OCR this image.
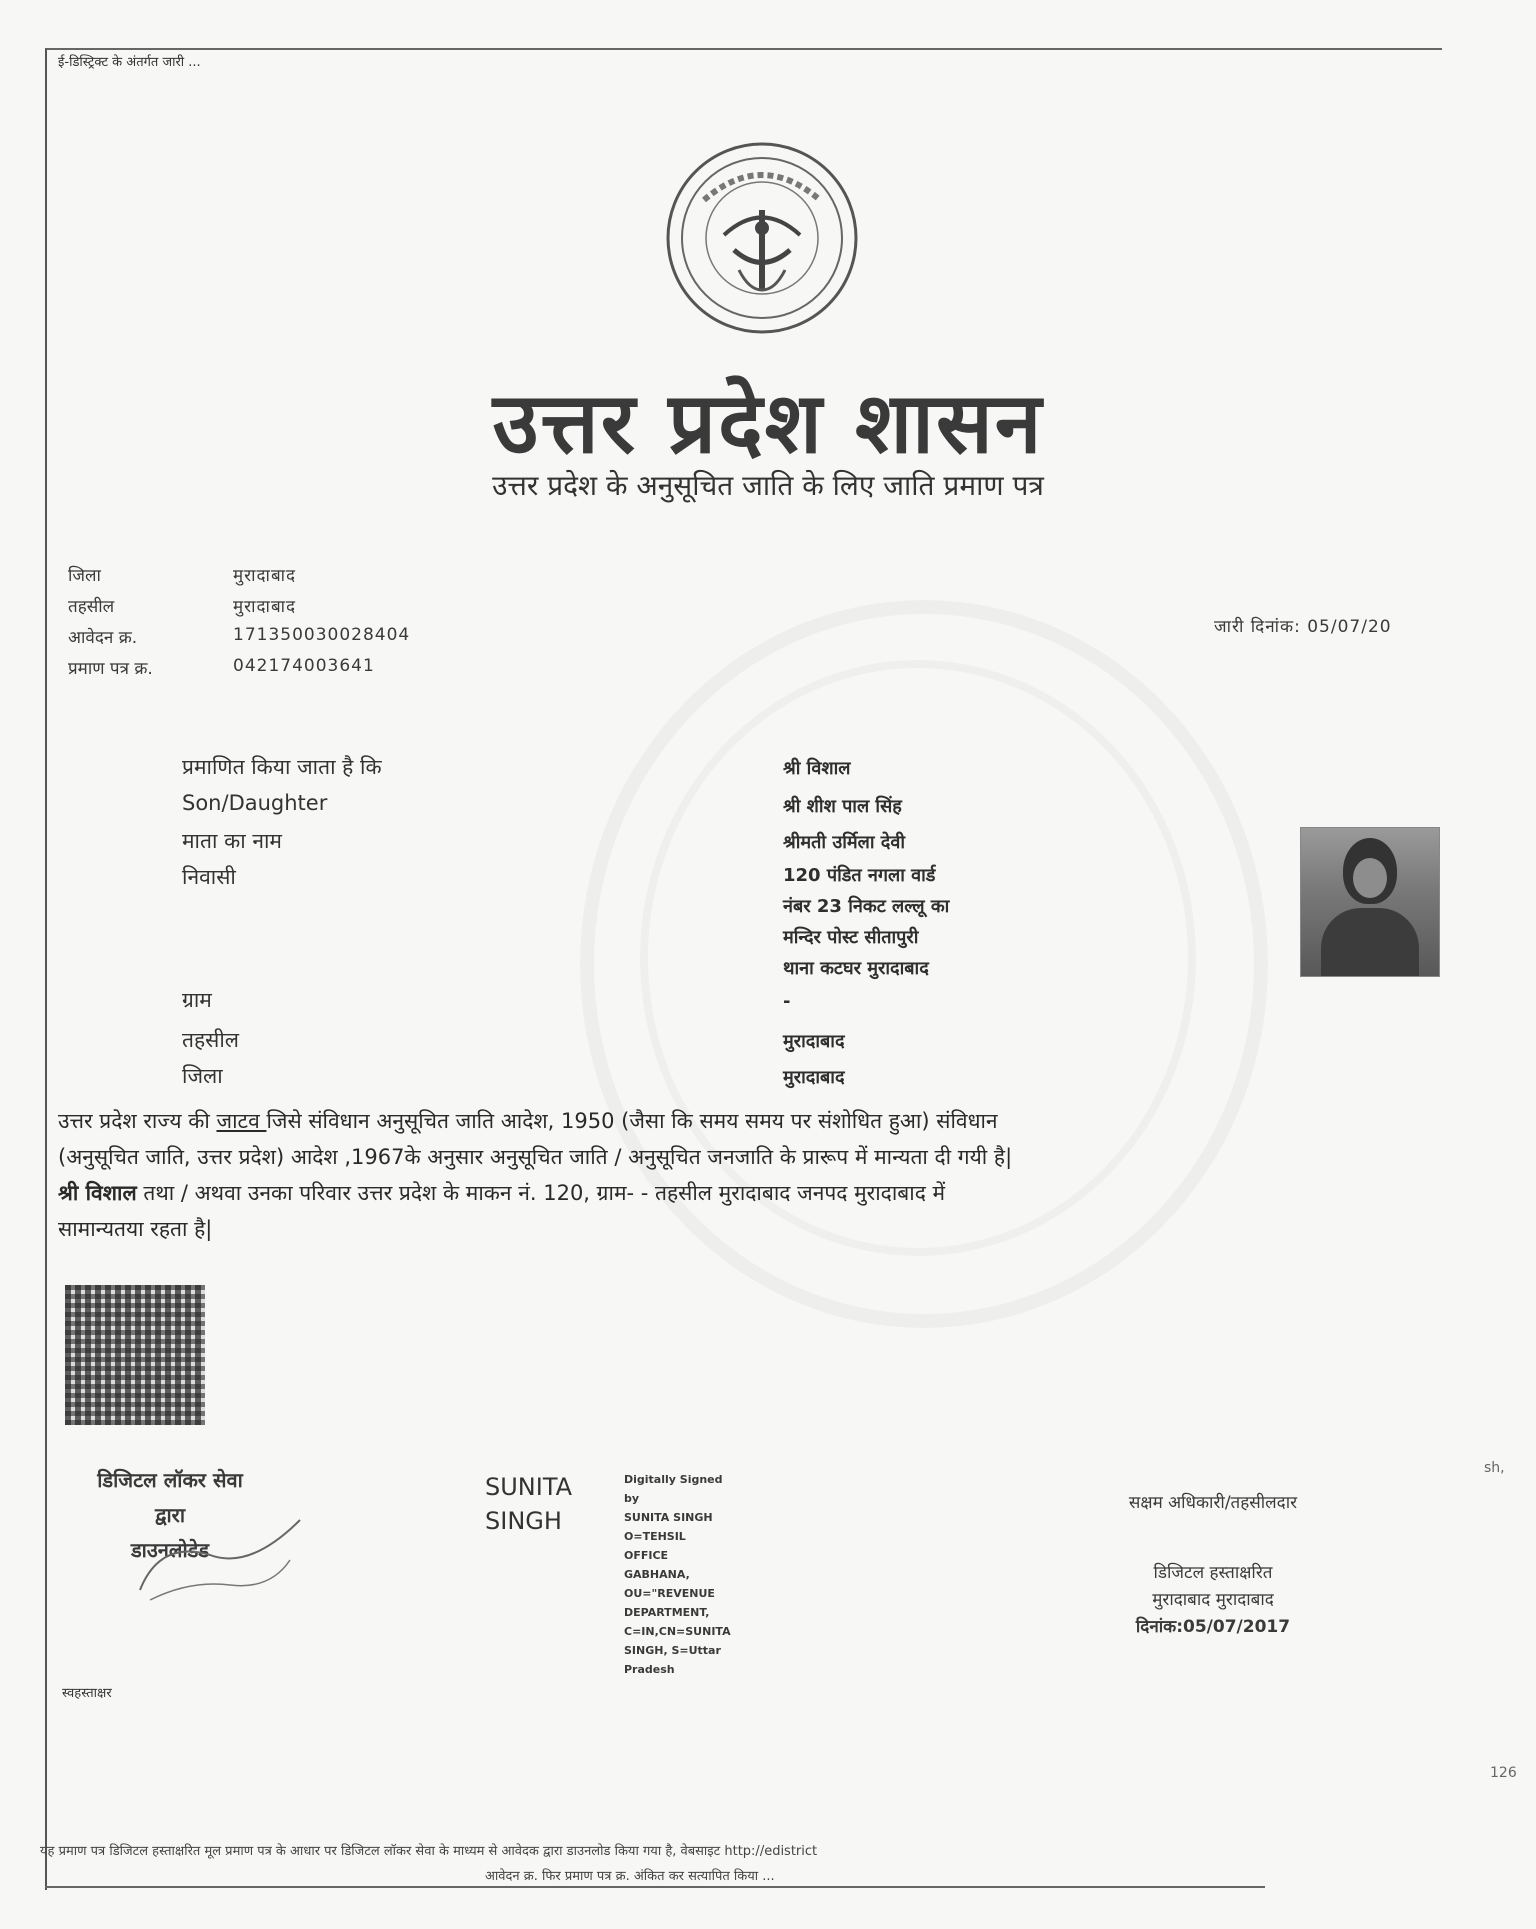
ई-डिस्ट्रिक्ट के अंतर्गत जारी ...
उत्तर प्रदेश शासन
उत्तर प्रदेश के अनुसूचित जाति के लिए जाति प्रमाण पत्र
जिला	मुरादाबाद
तहसील	मुरादाबाद
आवेदन क्र.	171350030028404
प्रमाण पत्र क्र.	042174003641
जारी दिनांक: 05/07/20
प्रमाणित किया जाता है कि	श्री विशाल
Son/Daughter	श्री शीश पाल सिंह
माता का नाम	श्रीमती उर्मिला देवी
निवासी	120 पंडित नगला वार्ड
नंबर 23 निकट लल्लू का
मन्दिर पोस्ट सीतापुरी
थाना कटघर मुरादाबाद
ग्राम	-
तहसील	मुरादाबाद
जिला	मुरादाबाद
उत्तर प्रदेश राज्य की जाटव जिसे संविधान अनुसूचित जाति आदेश, 1950 (जैसा कि समय समय पर संशोधित हुआ) संविधान
(अनुसूचित जाति, उत्तर प्रदेश) आदेश ,1967के अनुसार अनुसूचित जाति / अनुसूचित जनजाति के प्रारूप में मान्यता दी गयी है|
श्री विशाल तथा / अथवा उनका परिवार उत्तर प्रदेश के माकन नं. 120, ग्राम- - तहसील मुरादाबाद जनपद मुरादाबाद में
सामान्यतया रहता है|
डिजिटल लॉकर सेवा
द्वारा
डाउनलोडेड
स्वहस्ताक्षर
SUNITA
SINGH
Digitally Signed
by
SUNITA SINGH
O=TEHSIL
OFFICE
GABHANA,
OU="REVENUE
DEPARTMENT,
C=IN,CN=SUNITA
SINGH, S=Uttar
Pradesh
सक्षम अधिकारी/तहसीलदार
डिजिटल हस्ताक्षरित
मुरादाबाद मुरादाबाद
दिनांक:05/07/2017
यह प्रमाण पत्र डिजिटल हस्ताक्षरित मूल प्रमाण पत्र के आधार पर डिजिटल लॉकर सेवा के माध्यम से आवेदक द्वारा डाउनलोड किया गया है, वेबसाइट http://edistrict
आवेदन क्र. फिर प्रमाण पत्र क्र. अंकित कर सत्यापित किया ...
sh,
126
